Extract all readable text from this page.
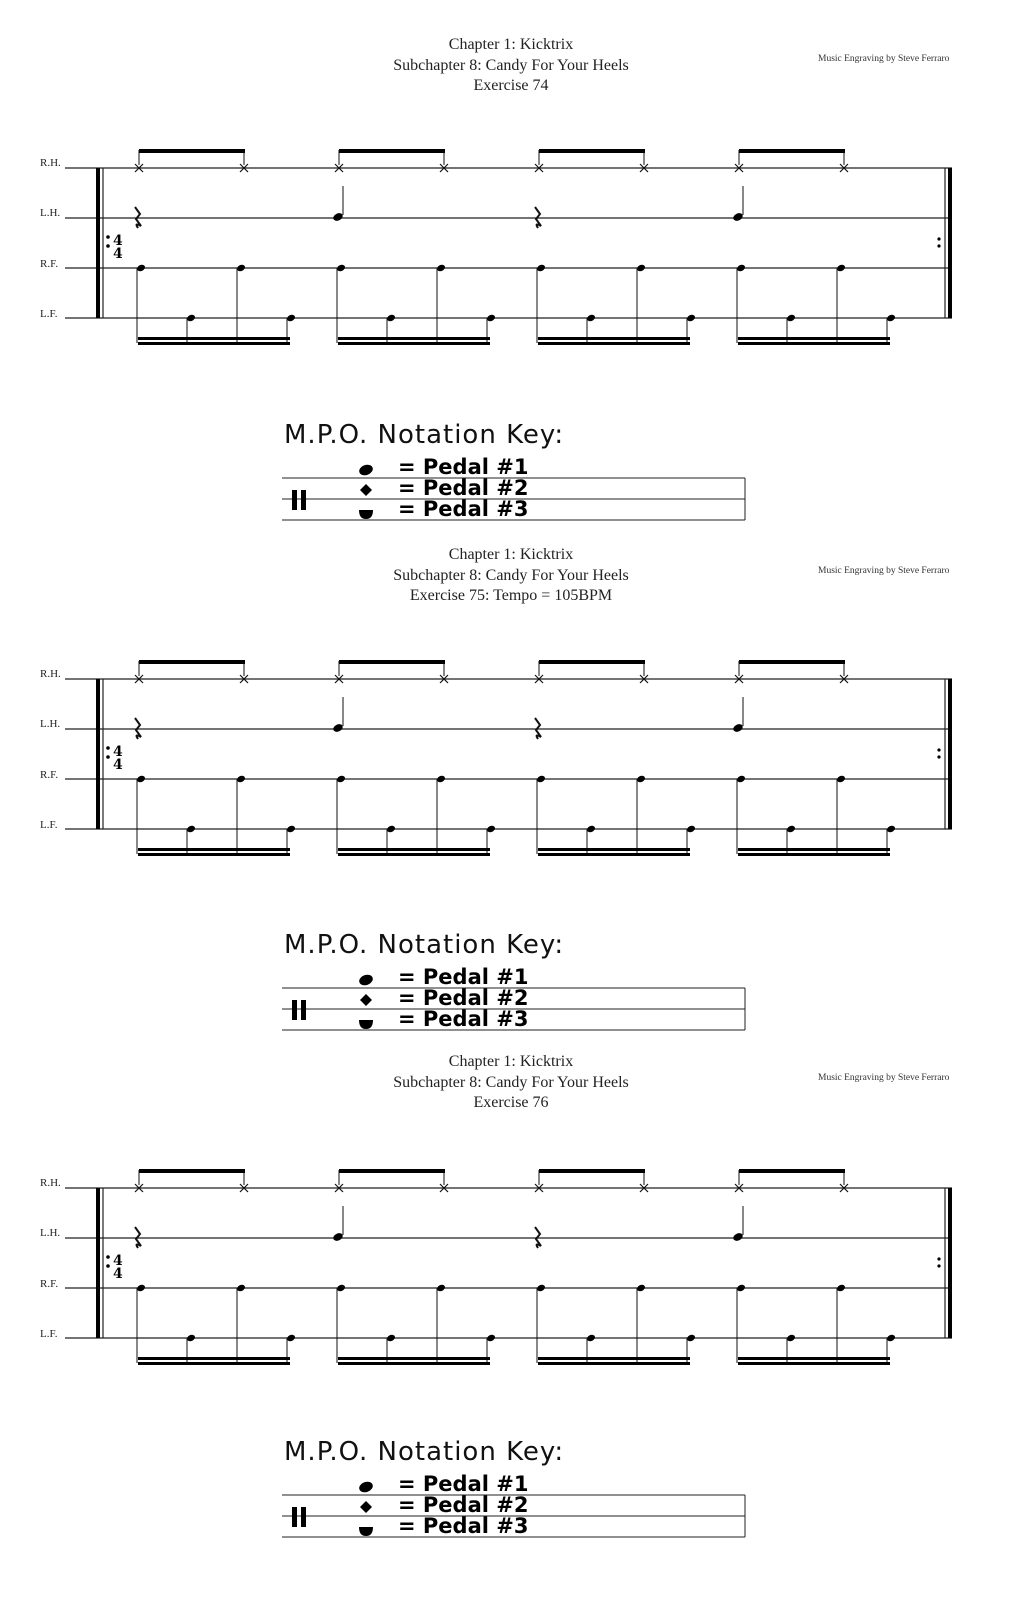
Chapter 1: Kicktrix
Subchapter 8: Candy For Your Heels
Exercise 74
Music Engraving by Steve Ferraro
R.H.
L.H.
R.F.
L.F.
4
4
M.P.O. Notation Key:
= Pedal #1
= Pedal #2
= Pedal #3
Chapter 1: Kicktrix
Subchapter 8: Candy For Your Heels
Exercise 75: Tempo = 105BPM
Music Engraving by Steve Ferraro
R.H.
L.H.
R.F.
L.F.
4
4
M.P.O. Notation Key:
= Pedal #1
= Pedal #2
= Pedal #3
Chapter 1: Kicktrix
Subchapter 8: Candy For Your Heels
Exercise 76
Music Engraving by Steve Ferraro
R.H.
L.H.
R.F.
L.F.
4
4
M.P.O. Notation Key:
= Pedal #1
= Pedal #2
= Pedal #3
